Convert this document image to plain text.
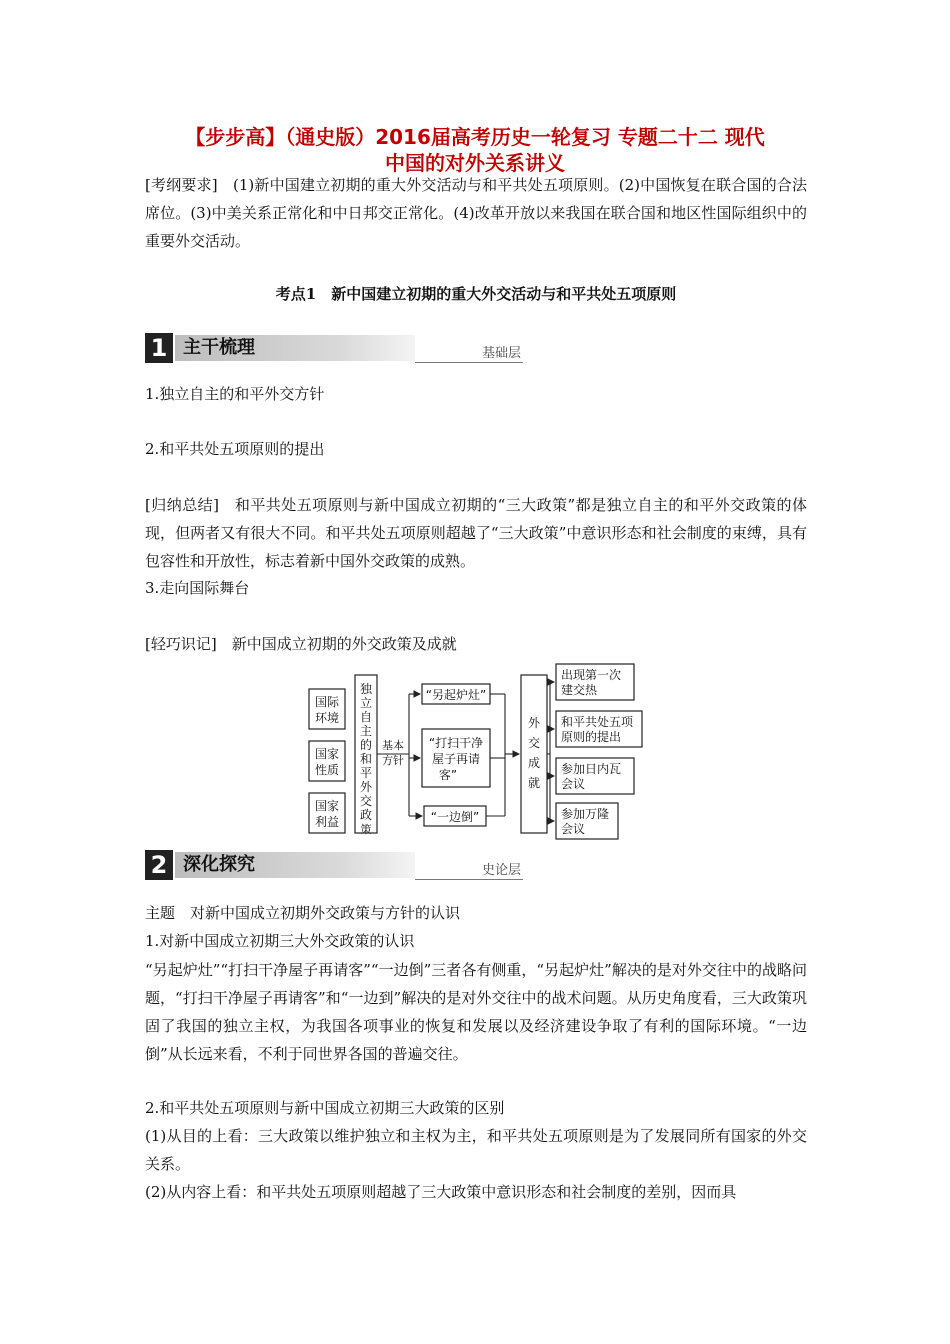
【步步高】（通史版）2016届高考历史一轮复习 专题二十二 现代
中国的对外关系讲义

[考纲要求]　(1)新中国建立初期的重大外交活动与和平共处五项原则。(2)中国恢复在联合国的合法席位。(3)中美关系正常化和中日邦交正常化。(4)改革开放以来我国在联合国和地区性国际组织中的重要外交活动。

考点1　新中国建立初期的重大外交活动与和平共处五项原则
1 主干梳理	基础层
1.独立自主的和平外交方针
2.和平共处五项原则的提出

[归纳总结]　和平共处五项原则与新中国成立初期的“三大政策”都是独立自主的和平外交政策的体现，但两者又有很大不同。和平共处五项原则超越了“三大政策”中意识形态和社会制度的束缚，具有包容性和开放性，标志着新中国外交政策的成熟。

3.走向国际舞台
[轻巧识记]　新中国成立初期的外交政策及成就
国际
环境
国家
性质
国家
利益
独
立
自
主
的
和
平
外
交
政
策
基本
方针
“另起炉灶”
“打扫干净
屋子再请
客”
“一边倒”
外
交
成
就
出现第一次
建交热
和平共处五项
原则的提出
参加日内瓦
会议
参加万隆
会议
2 深化探究	史论层
主题　对新中国成立初期外交政策与方针的认识
1.对新中国成立初期三大外交政策的认识

“另起炉灶”“打扫干净屋子再请客”“一边倒”三者各有侧重，“另起炉灶”解决的是对外交往中的战略问题，“打扫干净屋子再请客”和“一边到”解决的是对外交往中的战术问题。从历史角度看，三大政策巩固了我国的独立主权，为我国各项事业的恢复和发展以及经济建设争取了有利的国际环境。“一边倒”从长远来看，不利于同世界各国的普遍交往。

2.和平共处五项原则与新中国成立初期三大政策的区别

(1)从目的上看：三大政策以维护独立和主权为主，和平共处五项原则是为了发展同所有国家的外交关系。

(2)从内容上看：和平共处五项原则超越了三大政策中意识形态和社会制度的差别，因而具
